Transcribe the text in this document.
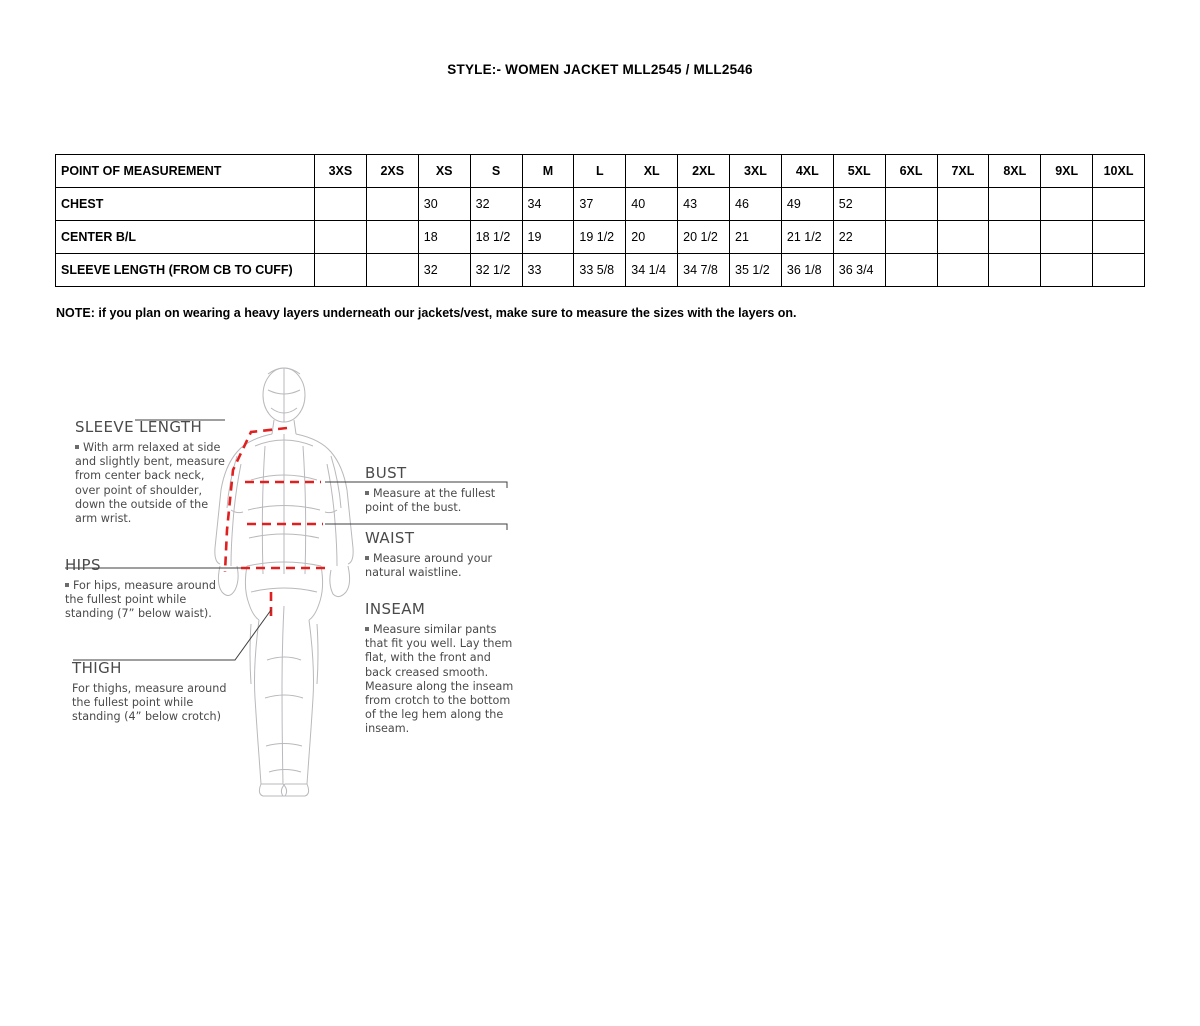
STYLE:- WOMEN JACKET MLL2545 / MLL2546
POINT OF MEASUREMENT	3XS	2XS	XS	S	M	L	XL	2XL	3XL	4XL	5XL	6XL	7XL	8XL	9XL	10XL
CHEST			30	32	34	37	40	43	46	49	52					
CENTER B/L			18	18 1/2	19	19 1/2	20	20 1/2	21	21 1/2	22					
SLEEVE LENGTH (FROM CB TO CUFF)			32	32 1/2	33	33 5/8	34 1/4	34 7/8	35 1/2	36 1/8	36 3/4					
NOTE: if you plan on wearing a heavy layers underneath our jackets/vest, make sure to measure the sizes with the layers on.
SLEEVE LENGTH
With arm relaxed at side and slightly bent, measure from center back neck, over point of shoulder, down the outside of the arm wrist.
HIPS
For hips, measure around the fullest point while standing (7” below waist).
THIGH
For thighs, measure around the fullest point while standing (4” below crotch)
BUST
Measure at the fullest point of the bust.
WAIST
Measure around your natural waistline.
INSEAM
Measure similar pants that fit you well. Lay them flat, with the front and back creased smooth. Measure along the inseam from crotch to the bottom of the leg hem along the inseam.
